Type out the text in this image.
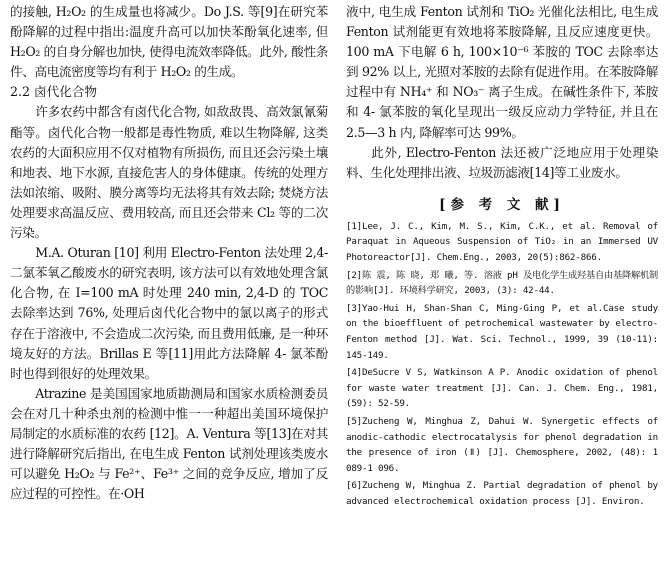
的接触, H₂O₂ 的生成量也将减少。Do J.S. 等[9]在研究苯酚降解的过程中指出:温度升高可以加快苯酚氧化速率, 但 H₂O₂ 的自身分解也加快, 使得电流效率降低。此外, 酸性条件、高电流密度等均有利于 H₂O₂ 的生成。

2.2 卤代化合物

许多农药中都含有卤代化合物, 如敌敌畏、高效氯氰菊酯等。卤代化合物一般都是毒性物质, 难以生物降解, 这类农药的大面积应用不仅对植物有所损伤, 而且还会污染土壤和地表、地下水源, 直接危害人的身体健康。传统的处理方法如浓缩、吸附、膜分离等均无法将其有效去除; 焚烧方法处理要求高温反应、费用较高, 而且还会带来 Cl₂ 等的二次污染。

M.A. Oturan [10] 利用 Electro-Fenton 法处理 2,4- 二氯苯氧乙酸废水的研究表明, 该方法可以有效地处理含氯化合物, 在 I=100 mA 时处理 240 min, 2,4-D 的 TOC 去除率达到 76%, 处理后卤代化合物中的氯以离子的形式存在于溶液中, 不会造成二次污染, 而且费用低廉, 是一种环境友好的方法。Brillas E 等[11]用此方法降解 4- 氯苯酚时也得到很好的处理效果。

Atrazine 是美国国家地质勘测局和国家水质检测委员会在对几十种杀虫剂的检测中惟一一种超出美国环境保护局制定的水质标准的农药 [12]。A. Ventura 等[13]在对其进行降解研究后指出, 在电生成 Fenton 试剂处理该类废水可以避免 H₂O₂ 与 Fe²⁺、Fe³⁺ 之间的竞争反应, 增加了反应过程的可控性。在·OH

液中, 电生成 Fenton 试剂和 TiO₂ 光催化法相比, 电生成 Fenton 试剂能更有效地将苯胺降解, 且反应速度更快。100 mA 下电解 6 h, 100×10⁻⁶ 苯胺的 TOC 去除率达到 92% 以上, 光照对苯胺的去除有促进作用。在苯胺降解过程中有 NH₄⁺ 和 NO₃⁻ 离子生成。在碱性条件下, 苯胺和 4- 氯苯胺的氧化呈现出一级反应动力学特征, 并且在 2.5—3 h 内, 降解率可达 99%。

此外, Electro-Fenton 法还被广泛地应用于处理染料、生化处理排出液、垃圾沥滤液[14]等工业废水。

[参 考 文 献]

[1]Lee, J. C., Kim, M. S., Kim, C.K., et al. Removal of Paraquat in Aqueous Suspension of TiO₂ in an Immersed UV Photoreactor[J]. Chem.Eng., 2003, 20(5):862-866.

[2]陈 震, 陈 晓, 郑 曦, 等. 溶液 pH 及电化学生成羟基自由基降解机制的影响[J]. 环境科学研究, 2003, (3): 42-44.

[3]Yao-Hui H, Shan-Shan C, Ming-Ging P, et al.Case study on the bioeffluent of petrochemical wastewater by electro-Fenton method [J]. Wat. Sci. Technol., 1999, 39 (10-11): 145-149.

[4]DeSucre V S, Watkinson A P. Anodic oxidation of phenol for waste water treatment [J]. Can. J. Chem. Eng., 1981, (59): 52-59.

[5]Zucheng W, Minghua Z, Dahui W. Synergetic effects of anodic-cathodic electrocatalysis for phenol degradation in the presence of iron (Ⅱ) [J]. Chemosphere, 2002, (48): 1 089-1 096.

[6]Zucheng W, Minghua Z. Partial degradation of phenol by advanced electrochemical oxidation process [J]. Environ.
